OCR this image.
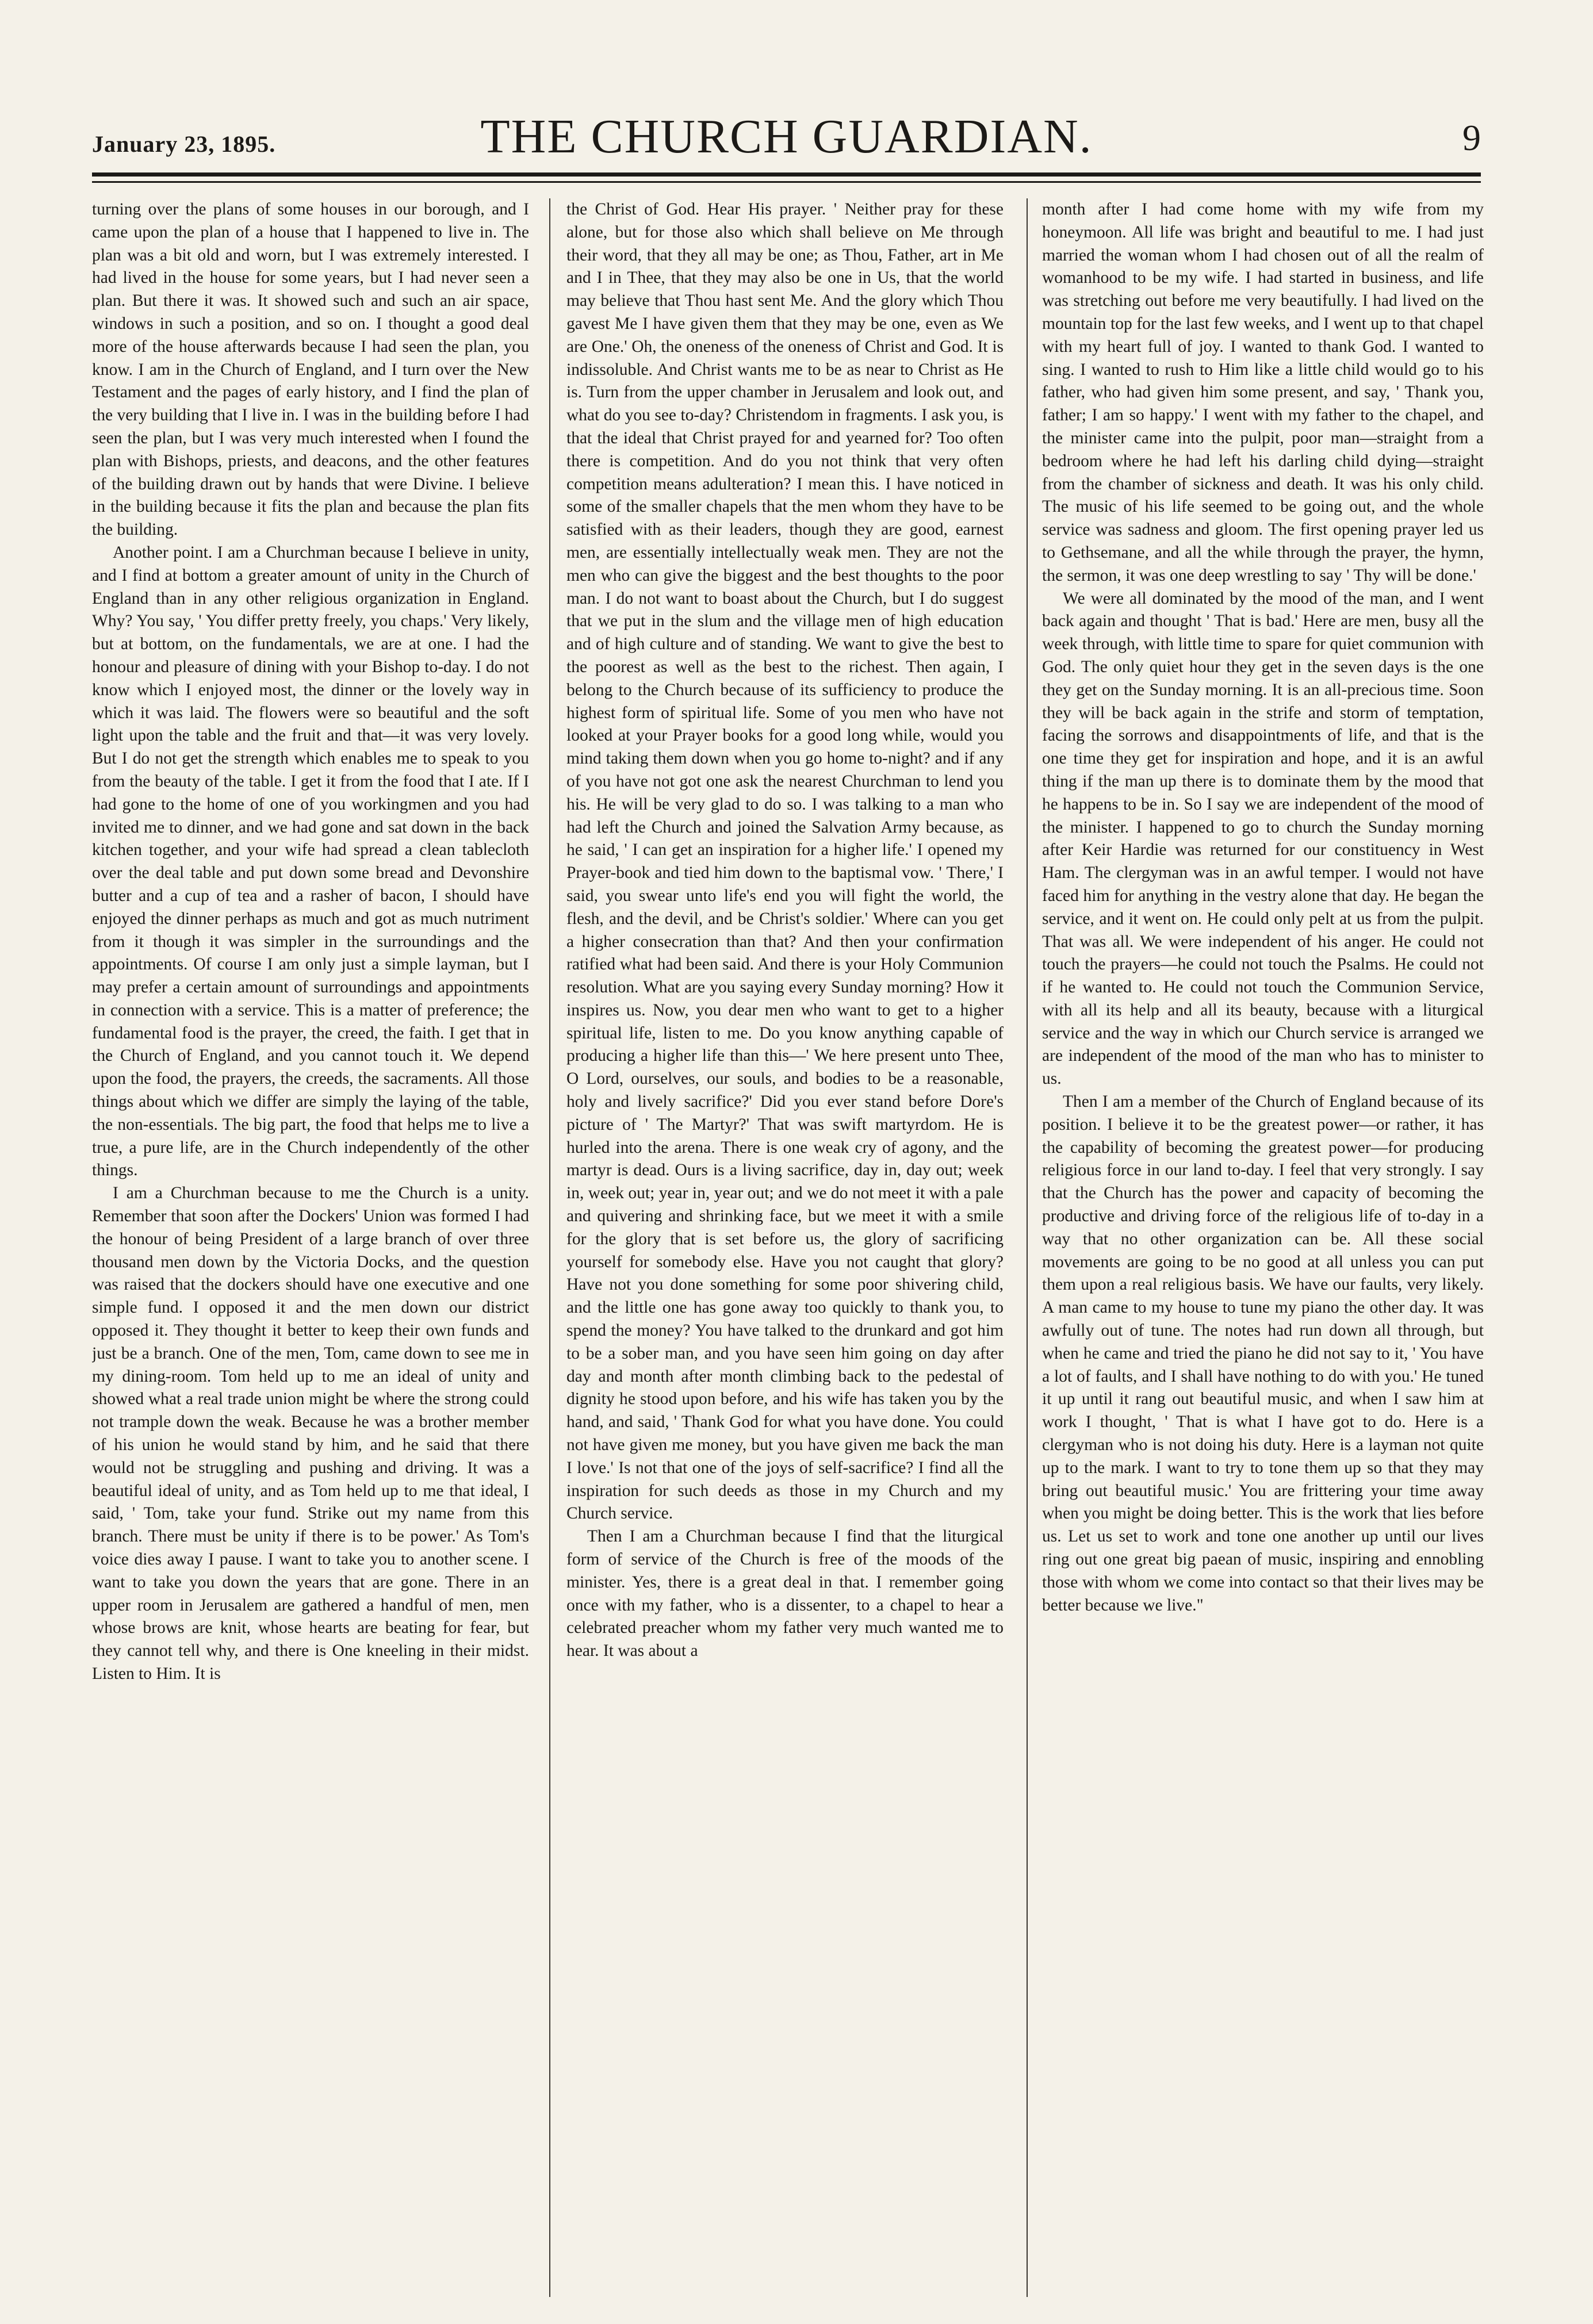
January 23, 1895.	THE CHURCH GUARDIAN.	9

turning over the plans of some houses in our borough, and I came upon the plan of a house that I happened to live in. The plan was a bit old and worn, but I was extremely interested. I had lived in the house for some years, but I had never seen a plan. But there it was. It showed such and such an air space, windows in such a position, and so on. I thought a good deal more of the house afterwards because I had seen the plan, you know. I am in the Church of England, and I turn over the New Testament and the pages of early history, and I find the plan of the very building that I live in. I was in the building before I had seen the plan, but I was very much interested when I found the plan with Bishops, priests, and deacons, and the other features of the building drawn out by hands that were Divine. I believe in the building because it fits the plan and because the plan fits the building.

Another point. I am a Churchman because I believe in unity, and I find at bottom a greater amount of unity in the Church of England than in any other religious organization in England. Why? You say, ' You differ pretty freely, you chaps.' Very likely, but at bottom, on the fundamentals, we are at one. I had the honour and pleasure of dining with your Bishop to-day. I do not know which I enjoyed most, the dinner or the lovely way in which it was laid. The flowers were so beautiful and the soft light upon the table and the fruit and that—it was very lovely. But I do not get the strength which enables me to speak to you from the beauty of the table. I get it from the food that I ate. If I had gone to the home of one of you workingmen and you had invited me to dinner, and we had gone and sat down in the back kitchen together, and your wife had spread a clean tablecloth over the deal table and put down some bread and Devonshire butter and a cup of tea and a rasher of bacon, I should have enjoyed the dinner perhaps as much and got as much nutriment from it though it was simpler in the surroundings and the appointments. Of course I am only just a simple layman, but I may prefer a certain amount of surroundings and appointments in connection with a service. This is a matter of preference; the fundamental food is the prayer, the creed, the faith. I get that in the Church of England, and you cannot touch it. We depend upon the food, the prayers, the creeds, the sacraments. All those things about which we differ are simply the laying of the table, the non-essentials. The big part, the food that helps me to live a true, a pure life, are in the Church independently of the other things.

I am a Churchman because to me the Church is a unity. Remember that soon after the Dockers' Union was formed I had the honour of being President of a large branch of over three thousand men down by the Victoria Docks, and the question was raised that the dockers should have one executive and one simple fund. I opposed it and the men down our district opposed it. They thought it better to keep their own funds and just be a branch. One of the men, Tom, came down to see me in my dining-room. Tom held up to me an ideal of unity and showed what a real trade union might be where the strong could not trample down the weak. Because he was a brother member of his union he would stand by him, and he said that there would not be struggling and pushing and driving. It was a beautiful ideal of unity, and as Tom held up to me that ideal, I said, ' Tom, take your fund. Strike out my name from this branch. There must be unity if there is to be power.' As Tom's voice dies away I pause. I want to take you to another scene. I want to take you down the years that are gone. There in an upper room in Jerusalem are gathered a handful of men, men whose brows are knit, whose hearts are beating for fear, but they cannot tell why, and there is One kneeling in their midst. Listen to Him. It is

the Christ of God. Hear His prayer. ' Neither pray for these alone, but for those also which shall believe on Me through their word, that they all may be one; as Thou, Father, art in Me and I in Thee, that they may also be one in Us, that the world may believe that Thou hast sent Me. And the glory which Thou gavest Me I have given them that they may be one, even as We are One.' Oh, the oneness of the oneness of Christ and God. It is indissoluble. And Christ wants me to be as near to Christ as He is. Turn from the upper chamber in Jerusalem and look out, and what do you see to-day? Christendom in fragments. I ask you, is that the ideal that Christ prayed for and yearned for? Too often there is competition. And do you not think that very often competition means adulteration? I mean this. I have noticed in some of the smaller chapels that the men whom they have to be satisfied with as their leaders, though they are good, earnest men, are essentially intellectually weak men. They are not the men who can give the biggest and the best thoughts to the poor man. I do not want to boast about the Church, but I do suggest that we put in the slum and the village men of high education and of high culture and of standing. We want to give the best to the poorest as well as the best to the richest. Then again, I belong to the Church because of its sufficiency to produce the highest form of spiritual life. Some of you men who have not looked at your Prayer books for a good long while, would you mind taking them down when you go home to-night? and if any of you have not got one ask the nearest Churchman to lend you his. He will be very glad to do so. I was talking to a man who had left the Church and joined the Salvation Army because, as he said, ' I can get an inspiration for a higher life.' I opened my Prayer-book and tied him down to the baptismal vow. ' There,' I said, you swear unto life's end you will fight the world, the flesh, and the devil, and be Christ's soldier.' Where can you get a higher consecration than that? And then your confirmation ratified what had been said. And there is your Holy Communion resolution. What are you saying every Sunday morning? How it inspires us. Now, you dear men who want to get to a higher spiritual life, listen to me. Do you know anything capable of producing a higher life than this—' We here present unto Thee, O Lord, ourselves, our souls, and bodies to be a reasonable, holy and lively sacrifice?' Did you ever stand before Dore's picture of ' The Martyr?' That was swift martyrdom. He is hurled into the arena. There is one weak cry of agony, and the martyr is dead. Ours is a living sacrifice, day in, day out; week in, week out; year in, year out; and we do not meet it with a pale and quivering and shrinking face, but we meet it with a smile for the glory that is set before us, the glory of sacrificing yourself for somebody else. Have you not caught that glory? Have not you done something for some poor shivering child, and the little one has gone away too quickly to thank you, to spend the money? You have talked to the drunkard and got him to be a sober man, and you have seen him going on day after day and month after month climbing back to the pedestal of dignity he stood upon before, and his wife has taken you by the hand, and said, ' Thank God for what you have done. You could not have given me money, but you have given me back the man I love.' Is not that one of the joys of self-sacrifice? I find all the inspiration for such deeds as those in my Church and my Church service.

Then I am a Churchman because I find that the liturgical form of service of the Church is free of the moods of the minister. Yes, there is a great deal in that. I remember going once with my father, who is a dissenter, to a chapel to hear a celebrated preacher whom my father very much wanted me to hear. It was about a

month after I had come home with my wife from my honeymoon. All life was bright and beautiful to me. I had just married the woman whom I had chosen out of all the realm of womanhood to be my wife. I had started in business, and life was stretching out before me very beautifully. I had lived on the mountain top for the last few weeks, and I went up to that chapel with my heart full of joy. I wanted to thank God. I wanted to sing. I wanted to rush to Him like a little child would go to his father, who had given him some present, and say, ' Thank you, father; I am so happy.' I went with my father to the chapel, and the minister came into the pulpit, poor man—straight from a bedroom where he had left his darling child dying—straight from the chamber of sickness and death. It was his only child. The music of his life seemed to be going out, and the whole service was sadness and gloom. The first opening prayer led us to Gethsemane, and all the while through the prayer, the hymn, the sermon, it was one deep wrestling to say ' Thy will be done.'

We were all dominated by the mood of the man, and I went back again and thought ' That is bad.' Here are men, busy all the week through, with little time to spare for quiet communion with God. The only quiet hour they get in the seven days is the one they get on the Sunday morning. It is an all-precious time. Soon they will be back again in the strife and storm of temptation, facing the sorrows and disappointments of life, and that is the one time they get for inspiration and hope, and it is an awful thing if the man up there is to dominate them by the mood that he happens to be in. So I say we are independent of the mood of the minister. I happened to go to church the Sunday morning after Keir Hardie was returned for our constituency in West Ham. The clergyman was in an awful temper. I would not have faced him for anything in the vestry alone that day. He began the service, and it went on. He could only pelt at us from the pulpit. That was all. We were independent of his anger. He could not touch the prayers—he could not touch the Psalms. He could not if he wanted to. He could not touch the Communion Service, with all its help and all its beauty, because with a liturgical service and the way in which our Church service is arranged we are independent of the mood of the man who has to minister to us.

Then I am a member of the Church of England because of its position. I believe it to be the greatest power—or rather, it has the capability of becoming the greatest power—for producing religious force in our land to-day. I feel that very strongly. I say that the Church has the power and capacity of becoming the productive and driving force of the religious life of to-day in a way that no other organization can be. All these social movements are going to be no good at all unless you can put them upon a real religious basis. We have our faults, very likely. A man came to my house to tune my piano the other day. It was awfully out of tune. The notes had run down all through, but when he came and tried the piano he did not say to it, ' You have a lot of faults, and I shall have nothing to do with you.' He tuned it up until it rang out beautiful music, and when I saw him at work I thought, ' That is what I have got to do. Here is a clergyman who is not doing his duty. Here is a layman not quite up to the mark. I want to try to tone them up so that they may bring out beautiful music.' You are frittering your time away when you might be doing better. This is the work that lies before us. Let us set to work and tone one another up until our lives ring out one great big paean of music, inspiring and ennobling those with whom we come into contact so that their lives may be better because we live."
